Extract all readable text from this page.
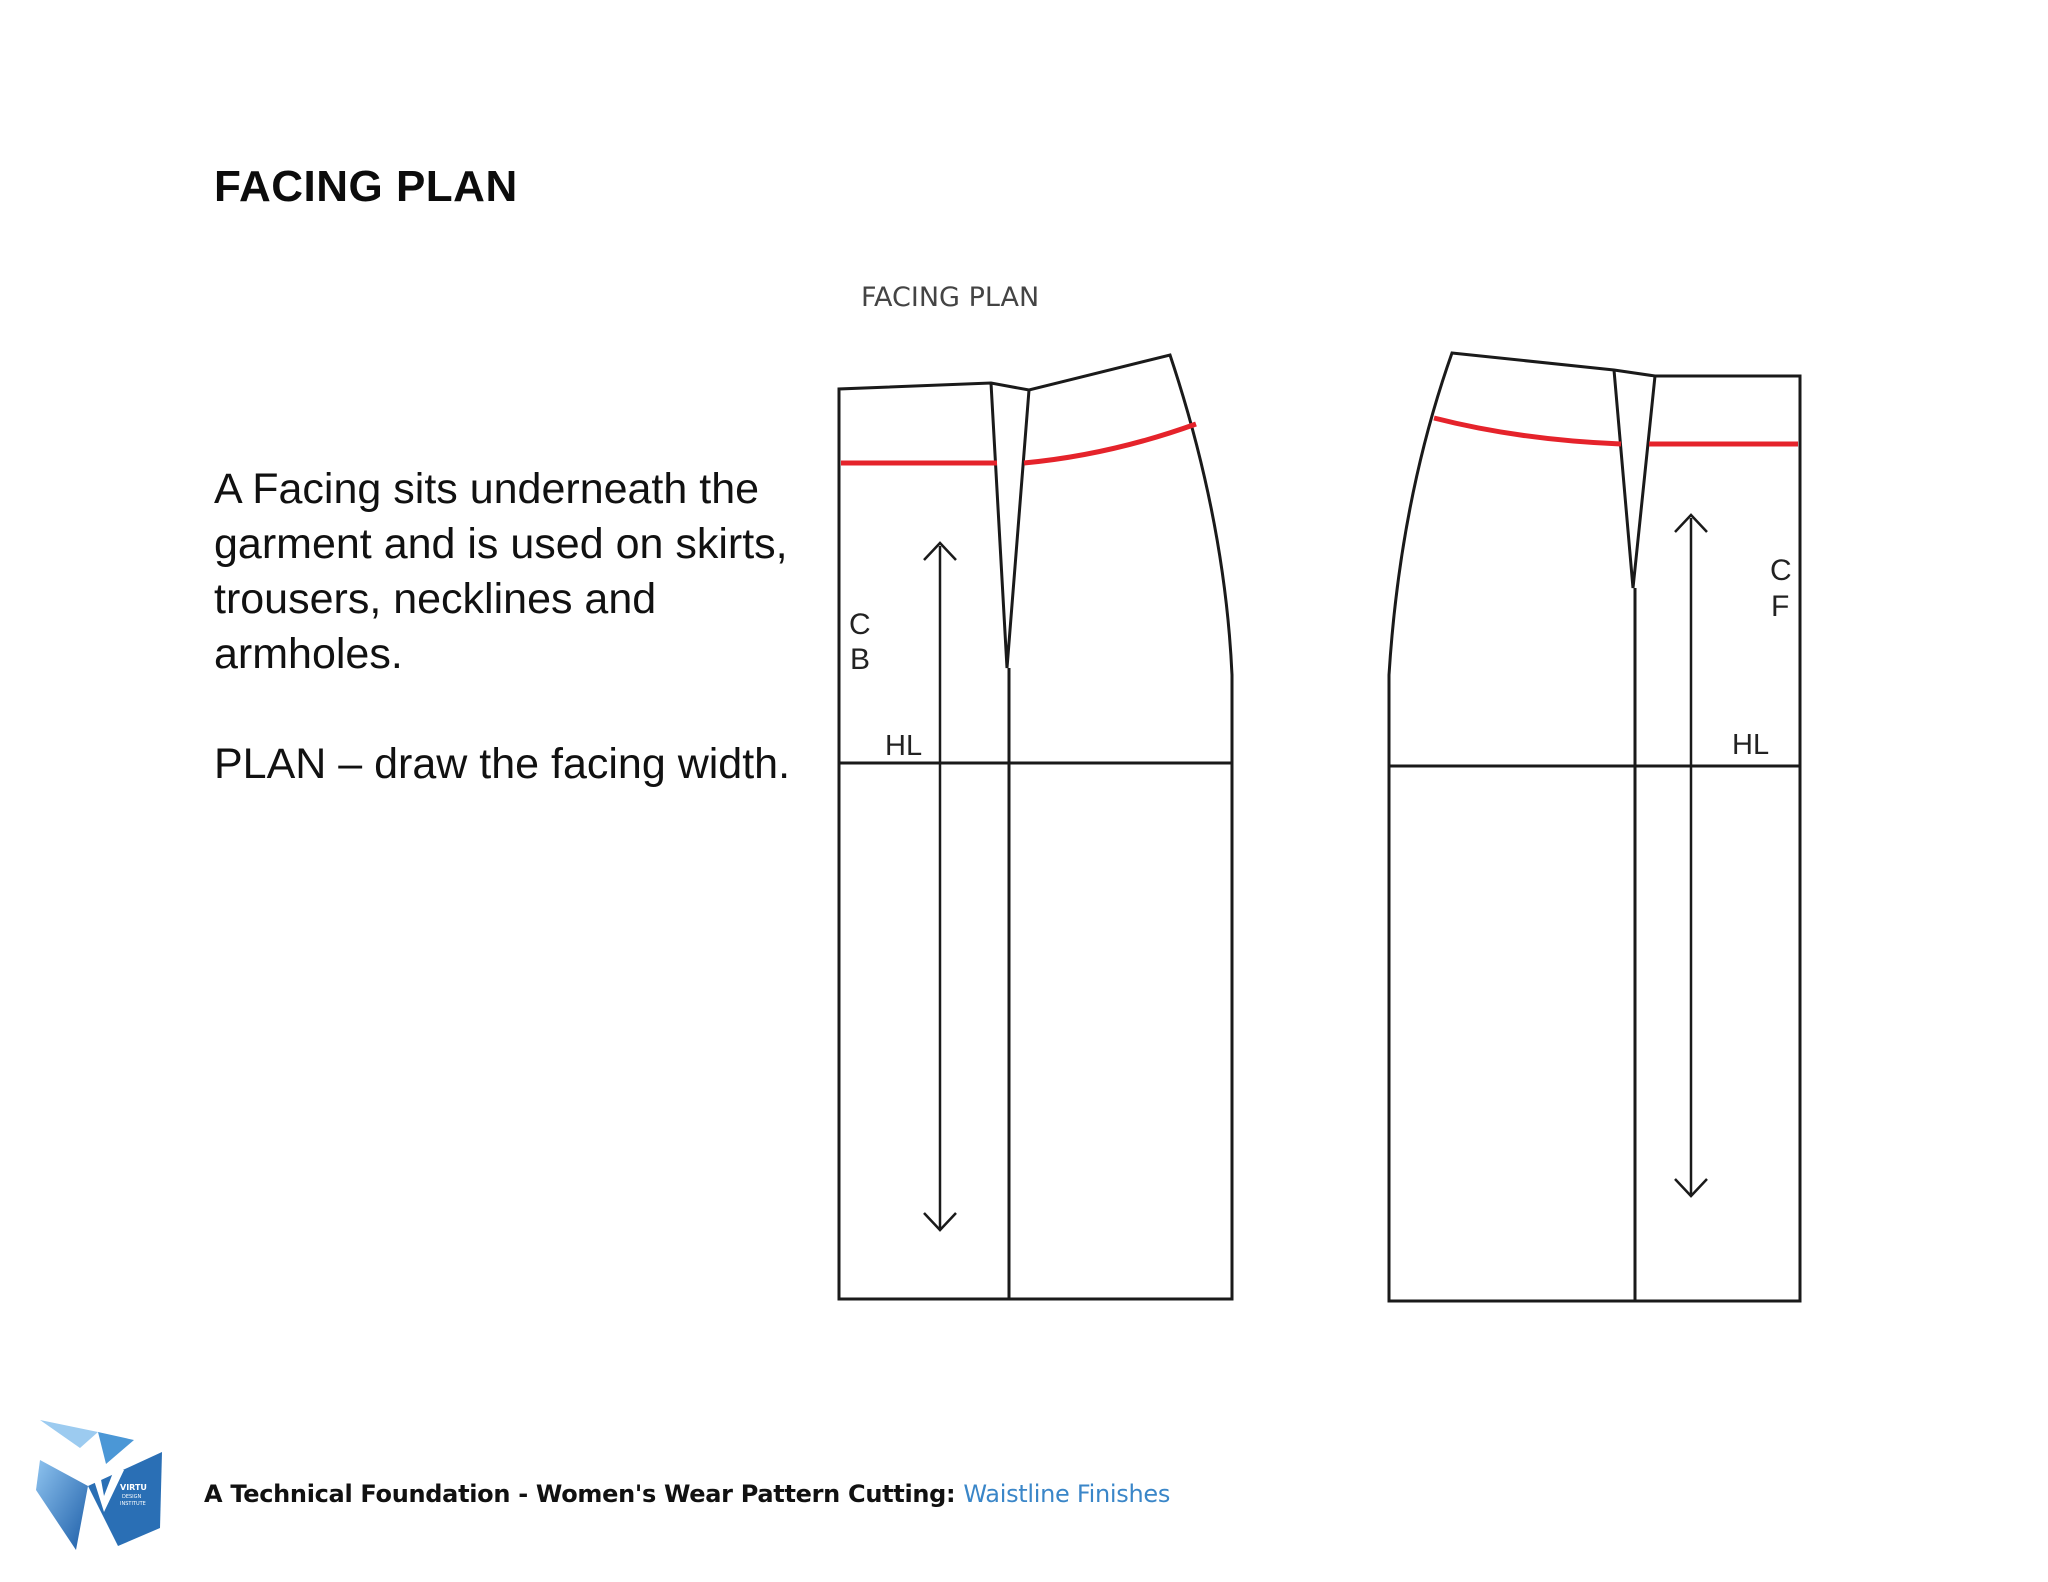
FACING PLAN

A Facing sits underneath the garment and is used on skirts, trousers, necklines and armholes.

PLAN – draw the facing width.

FACING PLAN
C
B
HL
C
F
HL
VIRTU
DESIGN
INSTITUTE A Technical Foundation - Women's Wear Pattern Cutting: Waistline Finishes
